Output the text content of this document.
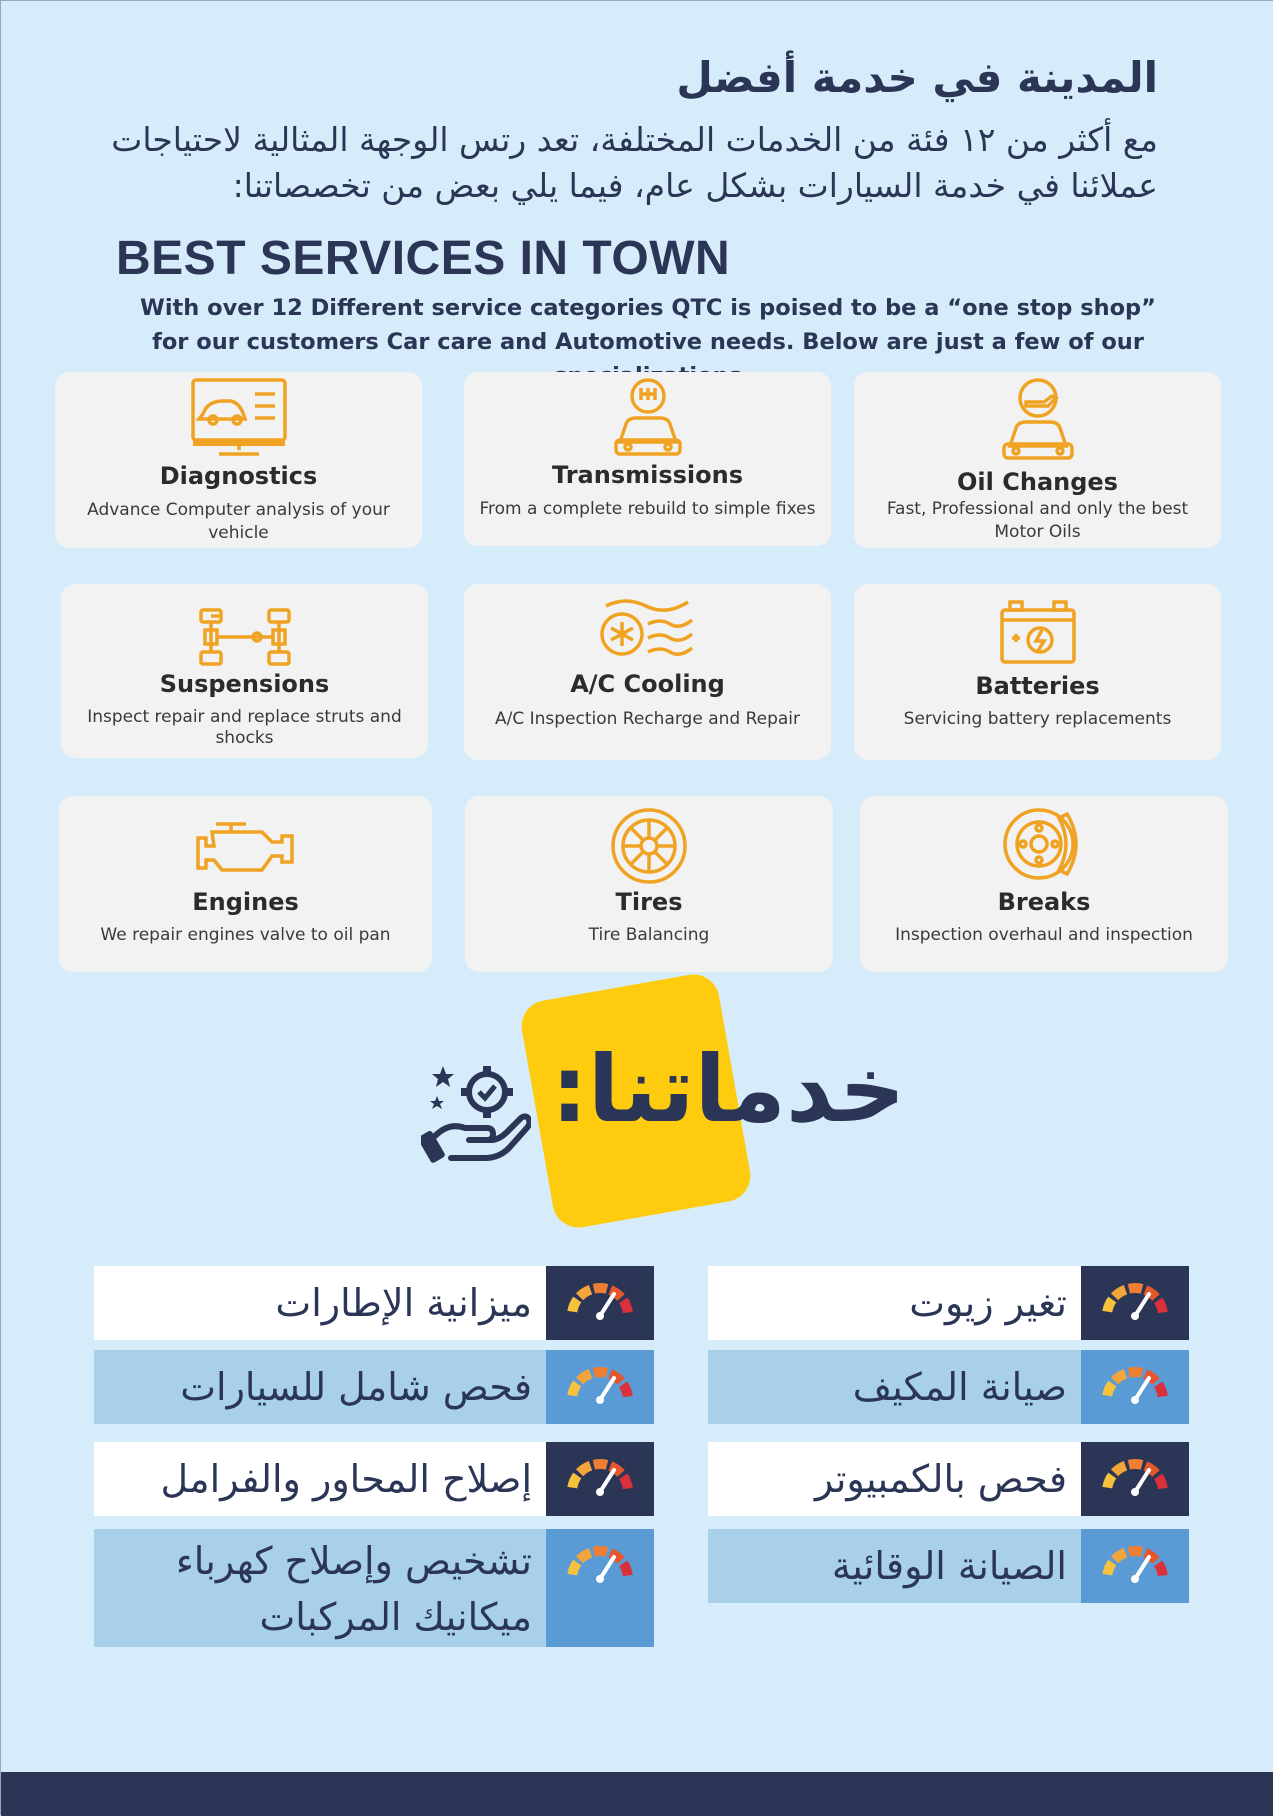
المدينة في خدمة أفضل
مع أكثر من ١٢ فئة من الخدمات المختلفة، تعد رتس الوجهة المثالية لاحتياجات عملائنا في خدمة السيارات بشكل عام، فيما يلي بعض من تخصصاتنا:
BEST SERVICES IN TOWN
With over 12 Different service categories QTC is poised to be a “one stop shop” for our customers Car care and Automotive needs. Below are just a few of our
Diagnostics
Advance Computer analysis of your vehicle
Transmissions
From a complete rebuild to simple fixes
Oil Changes
Fast, Professional and only the best Motor Oils
Suspensions
Inspect repair and replace struts and shocks
A/C Cooling
A/C Inspection Recharge and Repair
Batteries
Servicing battery replacements
Engines
We repair engines valve to oil pan
Tires
Tire Balancing
Breaks
Inspection overhaul and inspection
خدماتنا:
ميزانية الإطارات
فحص شامل للسيارات
إصلاح المحاور والفرامل
تشخيص وإصلاح كهرباء ميكانيك المركبات
تغير زيوت
صيانة المكيف
فحص بالكمبيوتر
الصيانة الوقائية
